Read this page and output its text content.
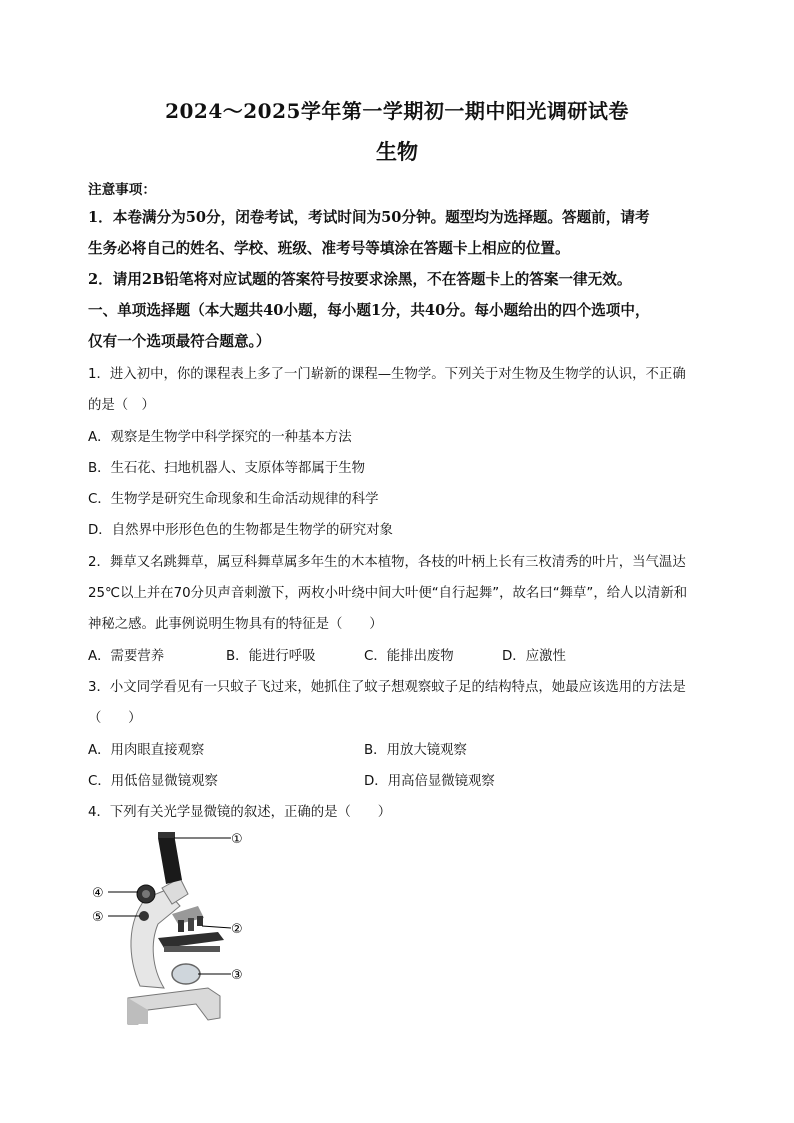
2024～2025学年第一学期初一期中阳光调研试卷
生物
注意事项：
1．本卷满分为50分，闭卷考试，考试时间为50分钟。题型均为选择题。答题前，请考
生务必将自己的姓名、学校、班级、准考号等填涂在答题卡上相应的位置。
2．请用2B铅笔将对应试题的答案符号按要求涂黑，不在答题卡上的答案一律无效。
一、单项选择题（本大题共40小题，每小题1分，共40分。每小题给出的四个选项中，
仅有一个选项最符合题意。）
1．进入初中，你的课程表上多了一门崭新的课程—生物学。下列关于对生物及生物学的认识，不正确
的是（　）
A．观察是生物学中科学探究的一种基本方法
B．生石花、扫地机器人、支原体等都属于生物
C．生物学是研究生命现象和生命活动规律的科学
D．自然界中形形色色的生物都是生物学的研究对象
2．舞草又名跳舞草，属豆科舞草属多年生的木本植物，各枝的叶柄上长有三枚清秀的叶片，当气温达
25℃以上并在70分贝声音刺激下，两枚小叶绕中间大叶便“自行起舞”，故名曰“舞草”，给人以清新和
神秘之感。此事例说明生物具有的特征是（　　）
A．需要营养	B．能进行呼吸	C．能排出废物	D．应激性
3．小文同学看见有一只蚊子飞过来，她抓住了蚊子想观察蚊子足的结构特点，她最应该选用的方法是
（　　）
A．用肉眼直接观察	B．用放大镜观察
C．用低倍显微镜观察	D．用高倍显微镜观察
4．下列有关光学显微镜的叙述，正确的是（　　）
①
②
③
④
⑤
